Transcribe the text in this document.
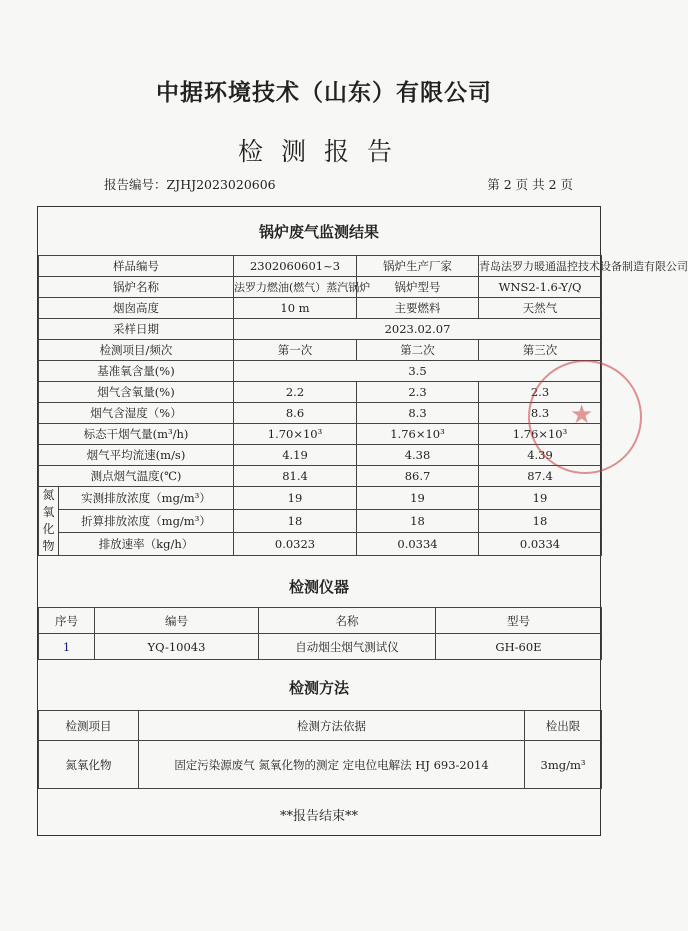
中据环境技术（山东）有限公司
检测报告
报告编号：ZJHJ2023020606	第 2 页 共 2 页
锅炉废气监测结果
样品编号		2302060601~3	锅炉生产厂家	青岛法罗力暖通温控技术设备制造有限公司
锅炉名称		法罗力燃油(燃气）蒸汽锅炉	锅炉型号	WNS2-1.6-Y/Q
烟囱高度		10 m	主要燃料	天然气
采样日期		2023.02.07		
检测项目/频次		第一次	第二次	第三次
基准氧含量(%)		3.5		
烟气含氧量(%)		2.2	2.3	2.3
烟气含湿度（%）		8.6	8.3	8.3
标态干烟气量(m³/h)		1.70×10³	1.76×10³	1.76×10³
烟气平均流速(m/s)		4.19	4.38	4.39
测点烟气温度(℃)		81.4	86.7	87.4
氮氧化物	实测排放浓度（mg/m³）	19	19	19
	折算排放浓度（mg/m³）	18	18	18
	排放速率（kg/h）	0.0323	0.0334	0.0334
检测仪器
序号	编号	名称	型号
1	YQ-10043	自动烟尘烟气测试仪	GH-60E
检测方法
检测项目	检测方法依据	检出限
氮氧化物	固定污染源废气 氮氧化物的测定 定电位电解法 HJ 693-2014	3mg/m³
**报告结束**
★
